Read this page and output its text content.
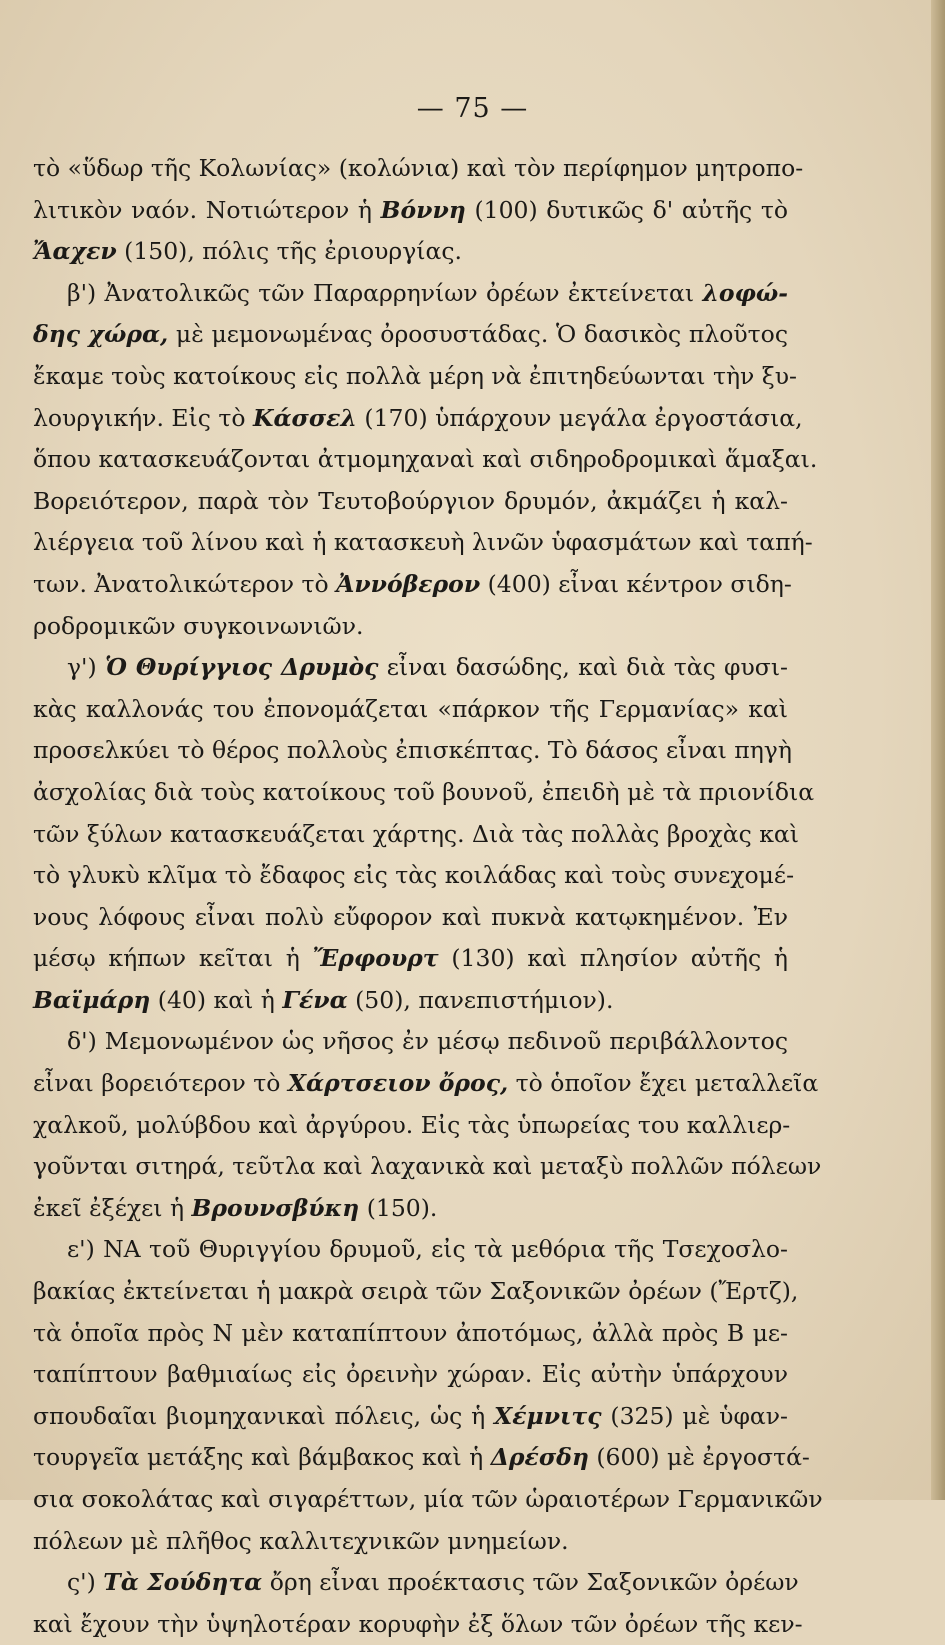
— 75 —
τὸ «ὕδωρ τῆς Κολωνίας» (κολώνια) καὶ τὸν περίφημον μητροπο-
λιτικὸν ναόν. Νοτιώτερον ἡ Βόννη (100) δυτικῶς δ' αὐτῆς τὸ
Ἄαχεν (150), πόλις τῆς ἐριουργίας.
β') Ἀνατολικῶς τῶν Παραρρηνίων ὀρέων ἐκτείνεται λοφώ-
δης χώρα, μὲ μεμονωμένας ὀροσυστάδας. Ὁ δασικὸς πλοῦτος
ἔκαμε τοὺς κατοίκους εἰς πολλὰ μέρη νὰ ἐπιτηδεύωνται τὴν ξυ-
λουργικήν. Εἰς τὸ Κάσσελ (170) ὑπάρχουν μεγάλα ἐργοστάσια,
ὅπου κατασκευάζονται ἀτμομηχαναὶ καὶ σιδηροδρομικαὶ ἅμαξαι.
Βορειότερον, παρὰ τὸν Τευτοβούργιον δρυμόν, ἀκμάζει ἡ καλ-
λιέργεια τοῦ λίνου καὶ ἡ κατασκευὴ λινῶν ὑφασμάτων καὶ ταπή-
των. Ἀνατολικώτερον τὸ Ἀννόβερον (400) εἶναι κέντρον σιδη-
ροδρομικῶν συγκοινωνιῶν.
γ') Ὁ Θυρίγγιος Δρυμὸς εἶναι δασώδης, καὶ διὰ τὰς φυσι-
κὰς καλλονάς του ἐπονομάζεται «πάρκον τῆς Γερμανίας» καὶ
προσελκύει τὸ θέρος πολλοὺς ἐπισκέπτας. Τὸ δάσος εἶναι πηγὴ
ἀσχολίας διὰ τοὺς κατοίκους τοῦ βουνοῦ, ἐπειδὴ μὲ τὰ πριονίδια
τῶν ξύλων κατασκευάζεται χάρτης. Διὰ τὰς πολλὰς βροχὰς καὶ
τὸ γλυκὺ κλῖμα τὸ ἔδαφος εἰς τὰς κοιλάδας καὶ τοὺς συνεχομέ-
νους λόφους εἶναι πολὺ εὔφορον καὶ πυκνὰ κατῳκημένον. Ἐν
μέσῳ κήπων κεῖται ἡ Ἔρφουρτ (130) καὶ πλησίον αὐτῆς ἡ
Βαϊμάρη (40) καὶ ἡ Γένα (50), πανεπιστήμιον).
δ') Μεμονωμένον ὡς νῆσος ἐν μέσῳ πεδινοῦ περιβάλλοντος
εἶναι βορειότερον τὸ Χάρτσειον ὄρος, τὸ ὁποῖον ἔχει μεταλλεῖα
χαλκοῦ, μολύβδου καὶ ἀργύρου. Εἰς τὰς ὑπωρείας του καλλιερ-
γοῦνται σιτηρά, τεῦτλα καὶ λαχανικὰ καὶ μεταξὺ πολλῶν πόλεων
ἐκεῖ ἐξέχει ἡ Βρουνσβύκη (150).
ε') ΝΑ τοῦ Θυριγγίου δρυμοῦ, εἰς τὰ μεθόρια τῆς Τσεχοσλο-
βακίας ἐκτείνεται ἡ μακρὰ σειρὰ τῶν Σαξονικῶν ὀρέων (Ἔρτζ),
τὰ ὁποῖα πρὸς Ν μὲν καταπίπτουν ἀποτόμως, ἀλλὰ πρὸς Β με-
ταπίπτουν βαθμιαίως εἰς ὀρεινὴν χώραν. Εἰς αὐτὴν ὑπάρχουν
σπουδαῖαι βιομηχανικαὶ πόλεις, ὡς ἡ Χέμνιτς (325) μὲ ὑφαν-
τουργεῖα μετάξης καὶ βάμβακος καὶ ἡ Δρέσδη (600) μὲ ἐργοστά-
σια σοκολάτας καὶ σιγαρέττων, μία τῶν ὡραιοτέρων Γερμανικῶν
πόλεων μὲ πλῆθος καλλιτεχνικῶν μνημείων.
ς') Τὰ Σούδητα ὄρη εἶναι προέκτασις τῶν Σαξονικῶν ὀρέων
καὶ ἔχουν τὴν ὑψηλοτέραν κορυφὴν ἐξ ὅλων τῶν ὀρέων τῆς κεν-
